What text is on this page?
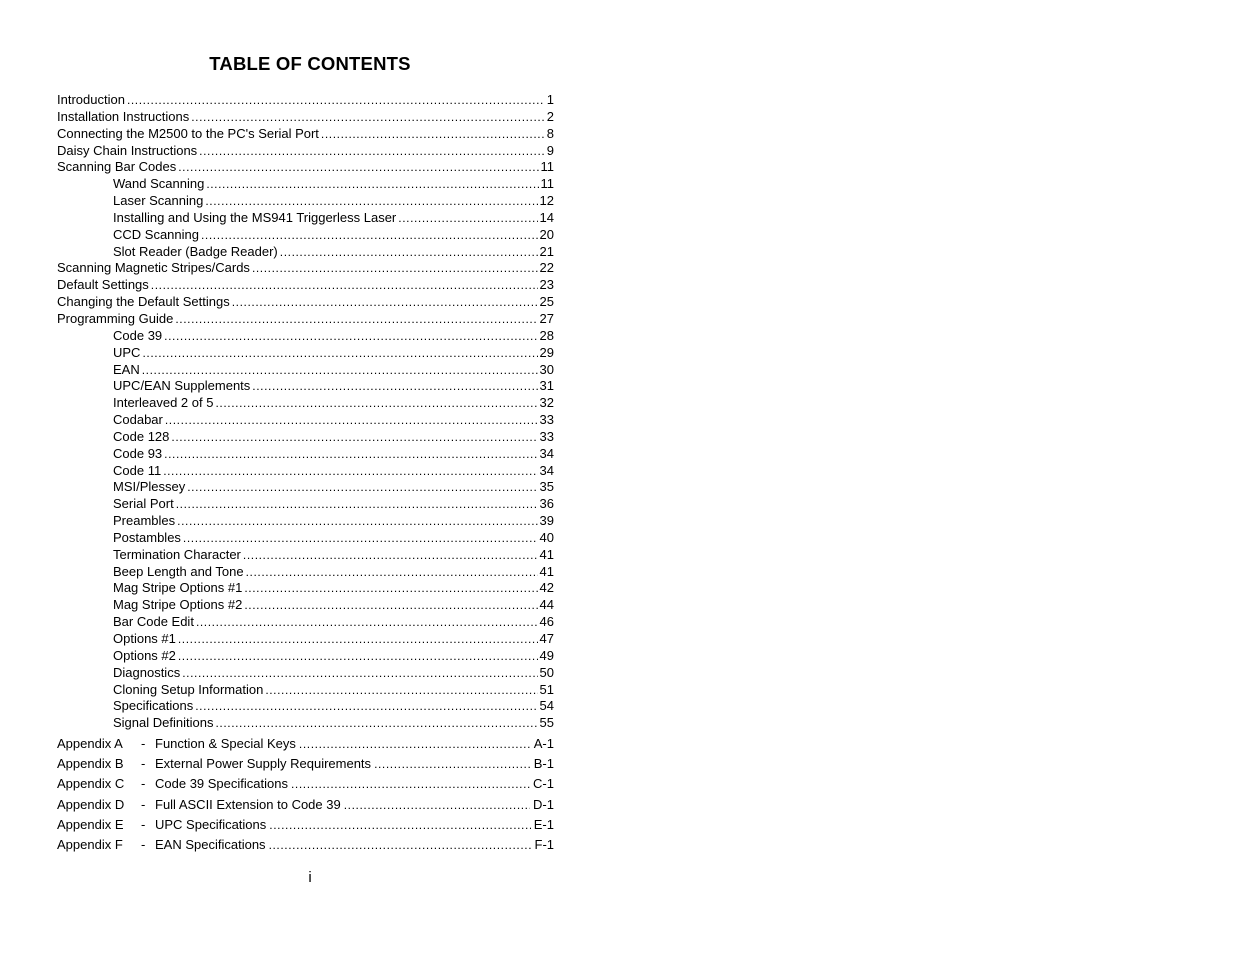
TABLE OF CONTENTS
Introduction .....	1
Installation Instructions .....	2
Connecting the M2500 to the PC's Serial Port .....	8
Daisy Chain Instructions .....	9
Scanning Bar Codes .....	11
Wand Scanning .....	11
Laser Scanning .....	12
Installing and Using the MS941 Triggerless Laser .....	14
CCD Scanning .....	20
Slot Reader (Badge Reader) .....	21
Scanning Magnetic Stripes/Cards .....	22
Default Settings .....	23
Changing the Default Settings .....	25
Programming Guide .....	27
Code 39 .....	28
UPC .....	29
EAN .....	30
UPC/EAN Supplements .....	31
Interleaved 2 of 5 .....	32
Codabar .....	33
Code 128 .....	33
Code 93 .....	34
Code 11 .....	34
MSI/Plessey .....	35
Serial Port .....	36
Preambles .....	39
Postambles .....	40
Termination Character .....	41
Beep Length and Tone .....	41
Mag Stripe Options #1 .....	42
Mag Stripe Options #2 .....	44
Bar Code Edit .....	46
Options #1 .....	47
Options #2 .....	49
Diagnostics .....	50
Cloning Setup Information .....	51
Specifications .....	54
Signal Definitions .....	55
Appendix A	- Function & Special Keys .....	A-1
Appendix B	- External Power Supply Requirements .....	B-1
Appendix C	- Code 39 Specifications .....	C-1
Appendix D	- Full ASCII Extension to Code 39 .....	D-1
Appendix E	- UPC Specifications .....	E-1
Appendix F	- EAN Specifications .....	F-1
i
